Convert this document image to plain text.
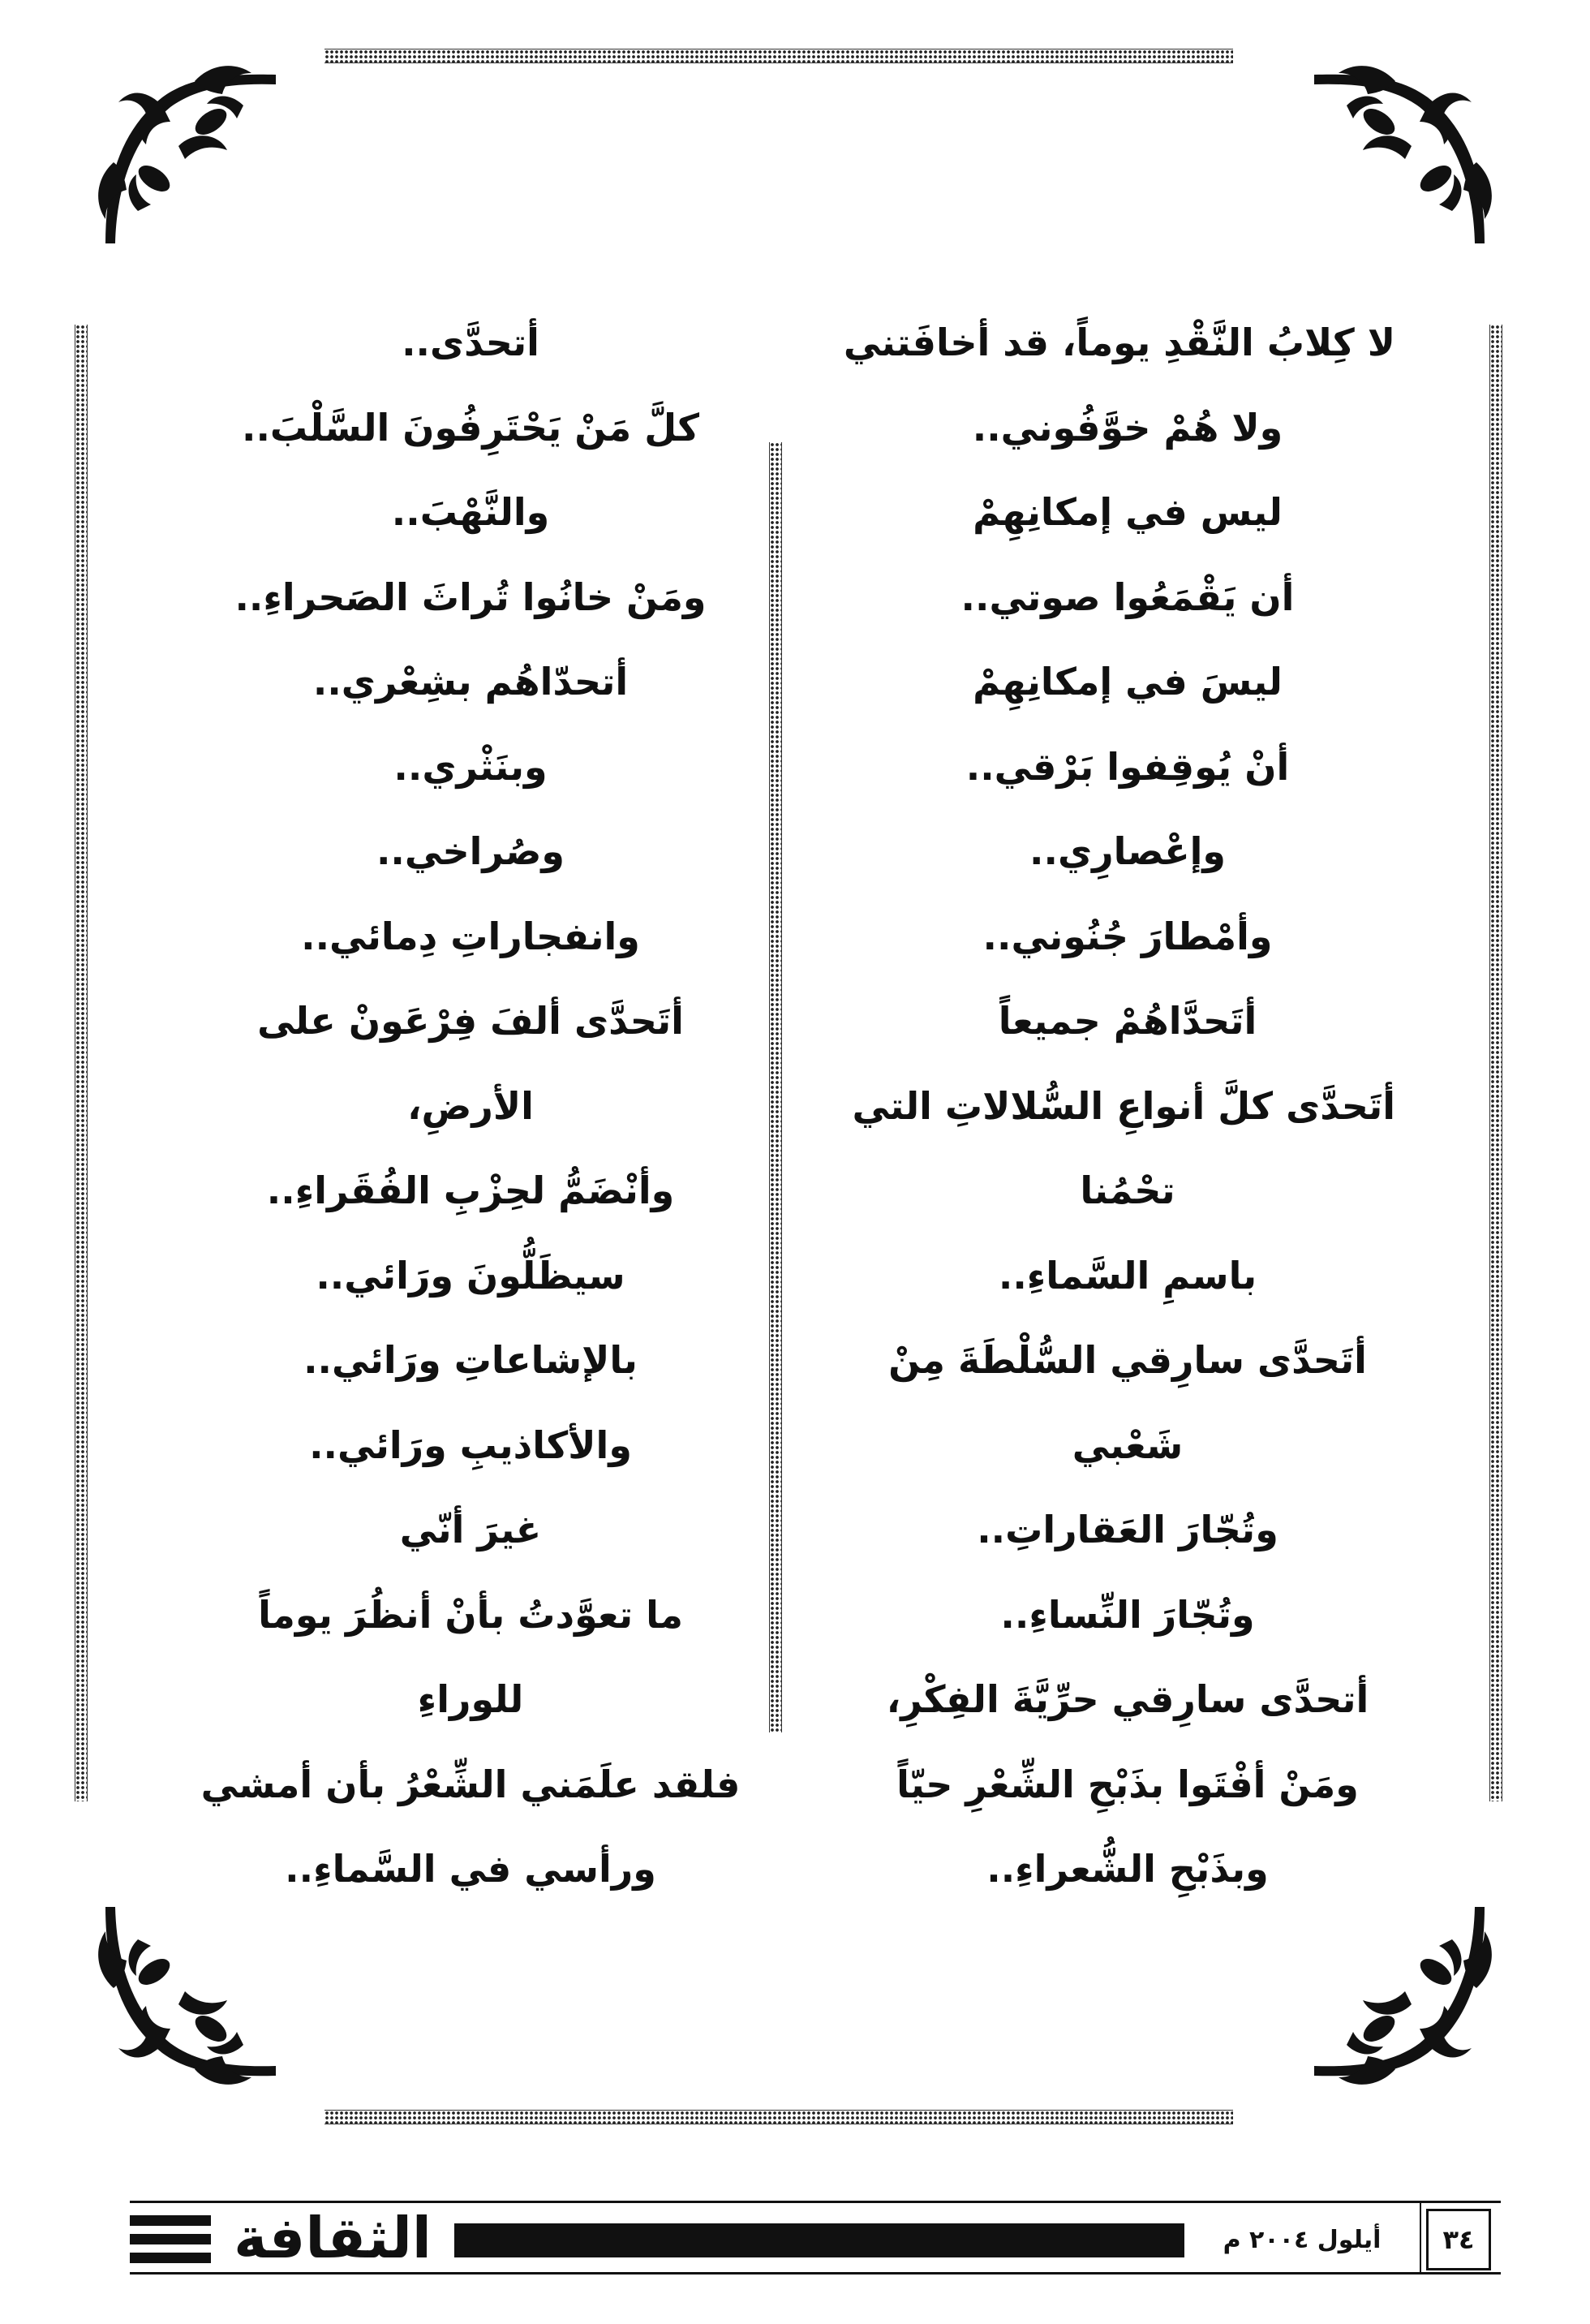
لا كِلابُ النَّقْدِ يوماً، قد أخافَتني
ولا هُمْ خوَّفُوني..
ليس في إمكانِهِمْ
أن يَقْمَعُوا صوتي..
ليسَ في إمكانِهِمْ
أنْ يُوقِفوا بَرْقي..
وإعْصارِي..
وأمْطارَ جُنُوني..
أتَحدَّاهُمْ جميعاً
أتَحدَّى كلَّ أنواعِ السُّلالاتِ التي
تحْمُنا
باسمِ السَّماءِ..
أتَحدَّى سارِقي السُّلْطَةَ مِنْ
شَعْبي
وتُجّارَ العَقاراتِ..
وتُجّارَ النِّساءِ..
أتحدَّى سارِقي حرِّيَّةَ الفِكْرِ،
ومَنْ أفْتَوا بذَبْحِ الشِّعْرِ حيّاً
وبذَبْحِ الشُّعراءِ..
أتحدَّى..
كلَّ مَنْ يَحْتَرِفُونَ السَّلْبَ..
والنَّهْبَ..
ومَنْ خانُوا تُراثَ الصَحراءِ..
أتحدّاهُم بشِعْري..
وبنَثْري..
وصُراخي..
وانفجاراتِ دِمائي..
أتَحدَّى ألفَ فِرْعَونْ على
الأرضِ،
وأنْضَمُّ لحِزْبِ الفُقَراءِ..
سيظَلُّونَ ورَائي..
بالإشاعاتِ ورَائي..
والأكاذيبِ ورَائي..
غيرَ أنّي
ما تعوَّدتُ بأنْ أنظُرَ يوماً
للوراءِ
فلقد علَمَني الشِّعْرُ بأن أمشي
ورأسي في السَّماءِ..
الثقافة	أيلول ٢٠٠٤ م	٣٤
